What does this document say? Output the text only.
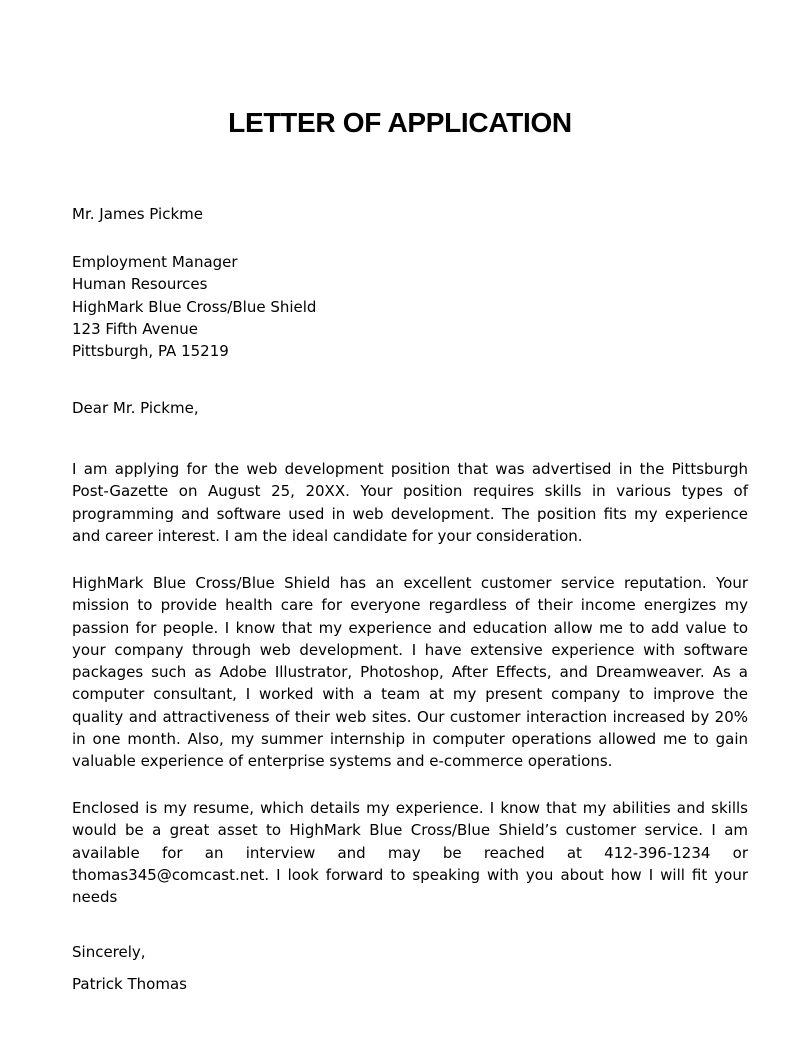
LETTER OF APPLICATION

Mr. James Pickme

Employment Manager
Human Resources
HighMark Blue Cross/Blue Shield
123 Fifth Avenue
Pittsburgh, PA 15219

Dear Mr. Pickme,

I am applying for the web development position that was advertised in the Pittsburgh Post-Gazette on August 25, 20XX. Your position requires skills in various types of programming and software used in web development. The position fits my experience and career interest. I am the ideal candidate for your consideration.

HighMark Blue Cross/Blue Shield has an excellent customer service reputation. Your mission to provide health care for everyone regardless of their income energizes my passion for people. I know that my experience and education allow me to add value to your company through web development. I have extensive experience with software packages such as Adobe Illustrator, Photoshop, After Effects, and Dreamweaver. As a computer consultant, I worked with a team at my present company to improve the quality and attractiveness of their web sites. Our customer interaction increased by 20% in one month. Also, my summer internship in computer operations allowed me to gain valuable experience of enterprise systems and e-commerce operations.

Enclosed is my resume, which details my experience. I know that my abilities and skills would be a great asset to HighMark Blue Cross/Blue Shield’s customer service. I am available for an interview and may be reached at 412-396-1234 or thomas345@comcast.net. I look forward to speaking with you about how I will fit your needs

Sincerely,

Patrick Thomas
